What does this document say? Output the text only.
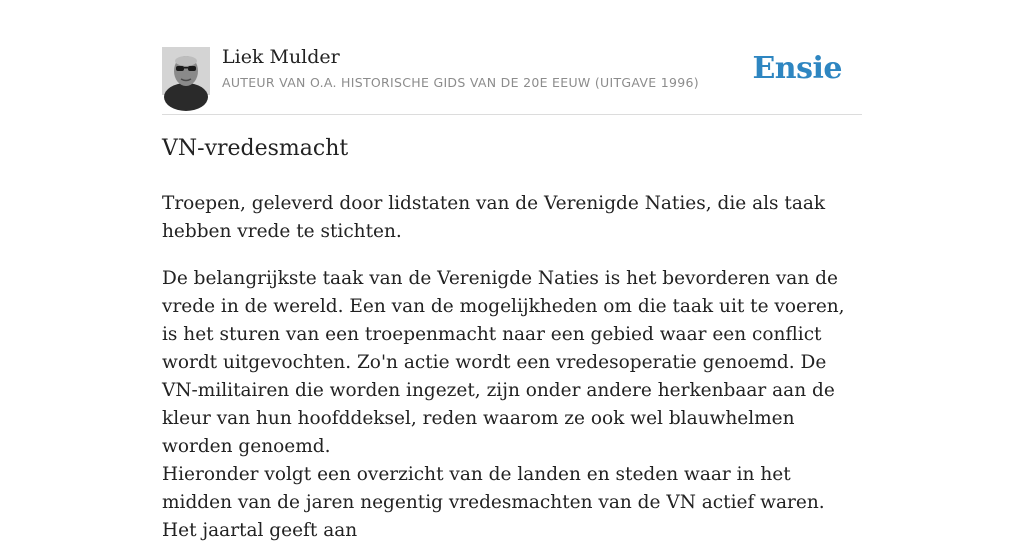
Liek Mulder
AUTEUR VAN O.A. HISTORISCHE GIDS VAN DE 20E EEUW (UITGAVE 1996) Ensie
VN-vredesmacht

Troepen, geleverd door lidstaten van de Verenigde Naties, die als taak hebben vrede te stichten.

De belangrijkste taak van de Verenigde Naties is het bevorderen van de vrede in de wereld. Een van de mogelijkheden om die taak uit te voeren, is het sturen van een troepenmacht naar een gebied waar een conflict wordt uitgevochten. Zo'n actie wordt een vredesoperatie genoemd. De VN-militairen die worden ingezet, zijn onder andere herkenbaar aan de kleur van hun hoofddeksel, reden waarom ze ook wel blauwhelmen worden genoemd.

Hieronder volgt een overzicht van de landen en steden waar in het midden van de jaren negentig vredesmachten van de VN actief waren. Het jaartal geeft aan
